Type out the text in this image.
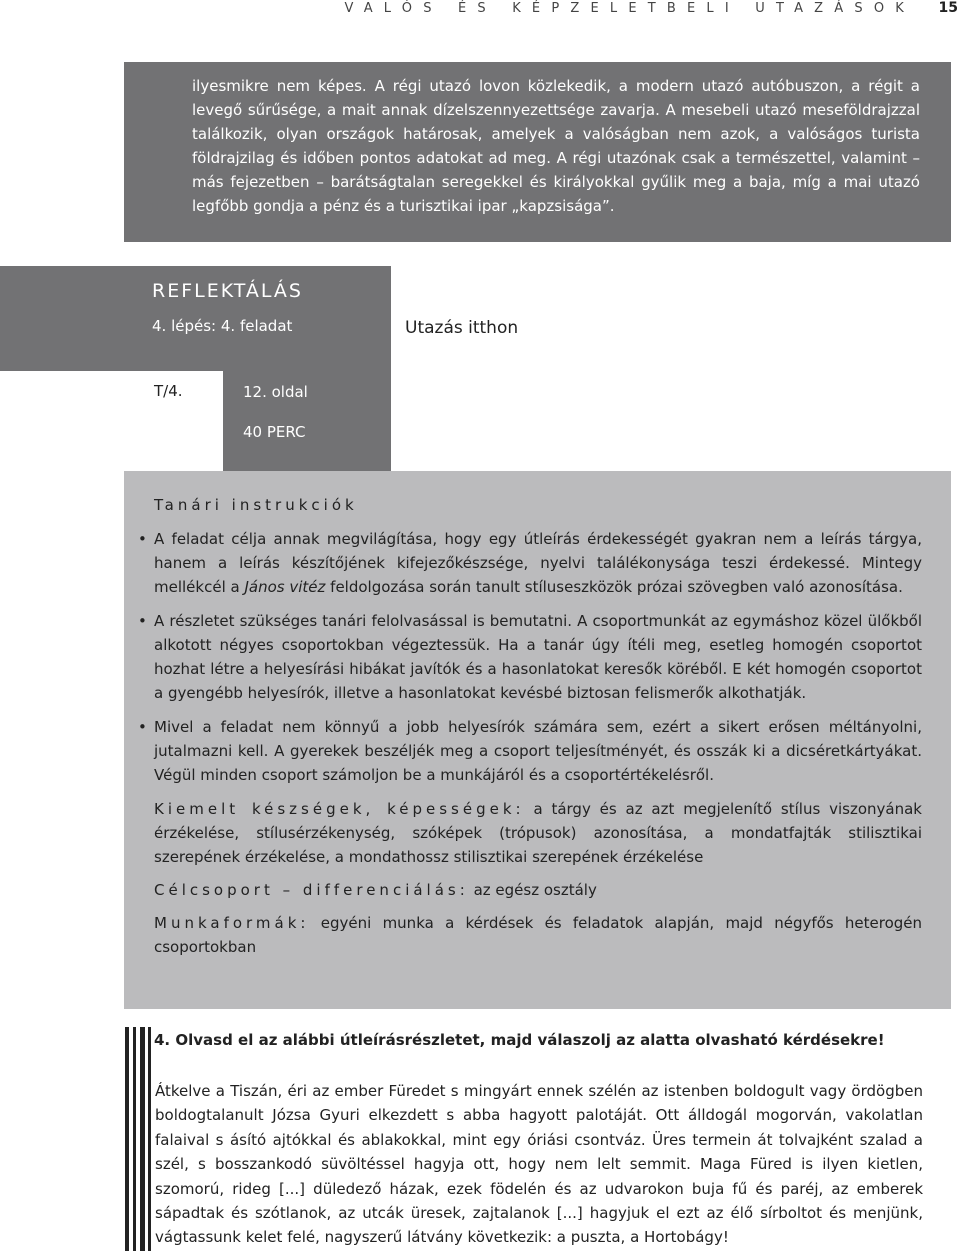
VALÓS ÉS KÉPZELETBELI UTAZÁSOK 15

ilyesmikre nem képes. A régi utazó lovon közlekedik, a modern utazó autóbuszon, a régit a levegő sűrűsége, a mait annak dízelszennyezettsége zavarja. A mesebeli utazó meseföldrajzzal találkozik, olyan országok határosak, amelyek a valóságban nem azok, a valóságos turista földrajzilag és időben pontos adatokat ad meg. A régi utazónak csak a természettel, valamint – más fejezetben – barátságtalan seregekkel és királyokkal gyűlik meg a baja, míg a mai utazó legfőbb gondja a pénz és a turisztikai ipar „kapzsisága”.

REFLEKTÁLÁS
4. lépés: 4. feladat	Utazás itthon
T/4.	12. oldal
40 PERC
Tanári instrukciók
• A feladat célja annak megvilágítása, hogy egy útleírás érdekességét gyakran nem a leírás tárgya, hanem a leírás készítőjének kifejezőkészsége, nyelvi találékonysága teszi érdekessé. Mintegy mellékcél a János vitéz feldolgozása során tanult stíluseszközök prózai szövegben való azonosítása.
• A részletet szükséges tanári felolvasással is bemutatni. A csoportmunkát az egymáshoz közel ülőkből alkotott négyes csoportokban végeztessük. Ha a tanár úgy ítéli meg, esetleg homogén csoportot hozhat létre a helyesírási hibákat javítók és a hasonlatokat keresők köréből. E két homogén csoportot a gyengébb helyesírók, illetve a hasonlatokat kevésbé biztosan felismerők alkothatják.
• Mivel a feladat nem könnyű a jobb helyesírók számára sem, ezért a sikert erősen méltányolni, jutalmazni kell. A gyerekek beszéljék meg a csoport teljesítményét, és osszák ki a dicséretkártyákat. Végül minden csoport számoljon be a munkájáról és a csoportértékelésről.
Kiemelt készségek, képességek: a tárgy és az azt megjelenítő stílus viszonyának érzékelése, stílusérzékenység, szóképek (trópusok) azonosítása, a mondatfajták stilisztikai szerepének érzékelése, a mondathossz stilisztikai szerepének érzékelése
Célcsoport – differenciálás: az egész osztály
Munkaformák: egyéni munka a kérdések és feladatok alapján, majd négyfős heterogén csoportokban
4. Olvasd el az alábbi útleírásrészletet, majd válaszolj az alatta olvasható kérdésekre!

Átkelve a Tiszán, éri az ember Füredet s mingyárt ennek szélén az istenben boldogult vagy ördögben boldogtalanult Józsa Gyuri elkezdett s abba hagyott palotáját. Ott álldogál mogorván, vakolatlan falaival s ásító ajtókkal és ablakokkal, mint egy óriási csontváz. Üres termein át tolvajként szalad a szél, s bosszankodó süvöltéssel hagyja ott, hogy nem lelt semmit. Maga Füred is ilyen kietlen, szomorú, rideg [...] düledező házak, ezek födelén és az udvarokon buja fű és paréj, az emberek sápadtak és szótlanok, az utcák üresek, zajtalanok [...] hagyjuk el ezt az élő sírboltot és menjünk, vágtassunk kelet felé, nagyszerű látvány következik: a puszta, a Hortobágy!
